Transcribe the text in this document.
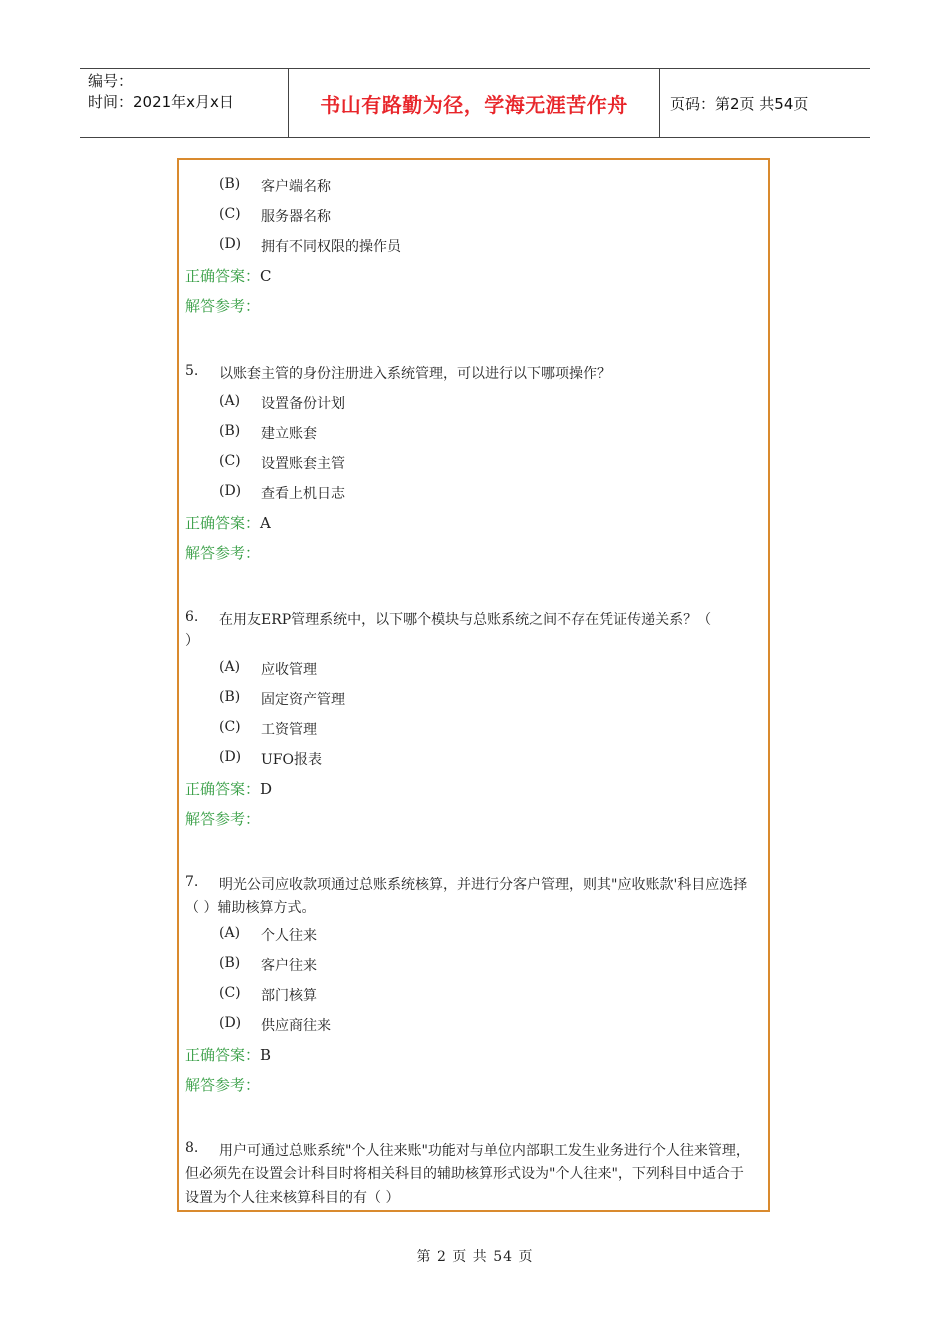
编号：
时间：2021年x月x日	书山有路勤为径，学海无涯苦作舟	页码：第2页 共54页
(B) 客户端名称
(C) 服务器名称
(D) 拥有不同权限的操作员
正确答案：C
解答参考：
5. 以账套主管的身份注册进入系统管理，可以进行以下哪项操作？
(A) 设置备份计划
(B) 建立账套
(C) 设置账套主管
(D) 查看上机日志
正确答案：A
解答参考：
6. 在用友ERP管理系统中，以下哪个模块与总账系统之间不存在凭证传递关系？（
）
(A) 应收管理
(B) 固定资产管理
(C) 工资管理
(D) UFO报表
正确答案：D
解答参考：
7. 明光公司应收款项通过总账系统核算，并进行分客户管理，则其"应收账款'科目应选择
（ ）辅助核算方式。
(A) 个人往来
(B) 客户往来
(C) 部门核算
(D) 供应商往来
正确答案：B
解答参考：
8. 用户可通过总账系统"个人往来账"功能对与单位内部职工发生业务进行个人往来管理，
但必须先在设置会计科目时将相关科目的辅助核算形式设为"个人往来"，下列科目中适合于
设置为个人往来核算科目的有（ ）
第 2 页 共 54 页
